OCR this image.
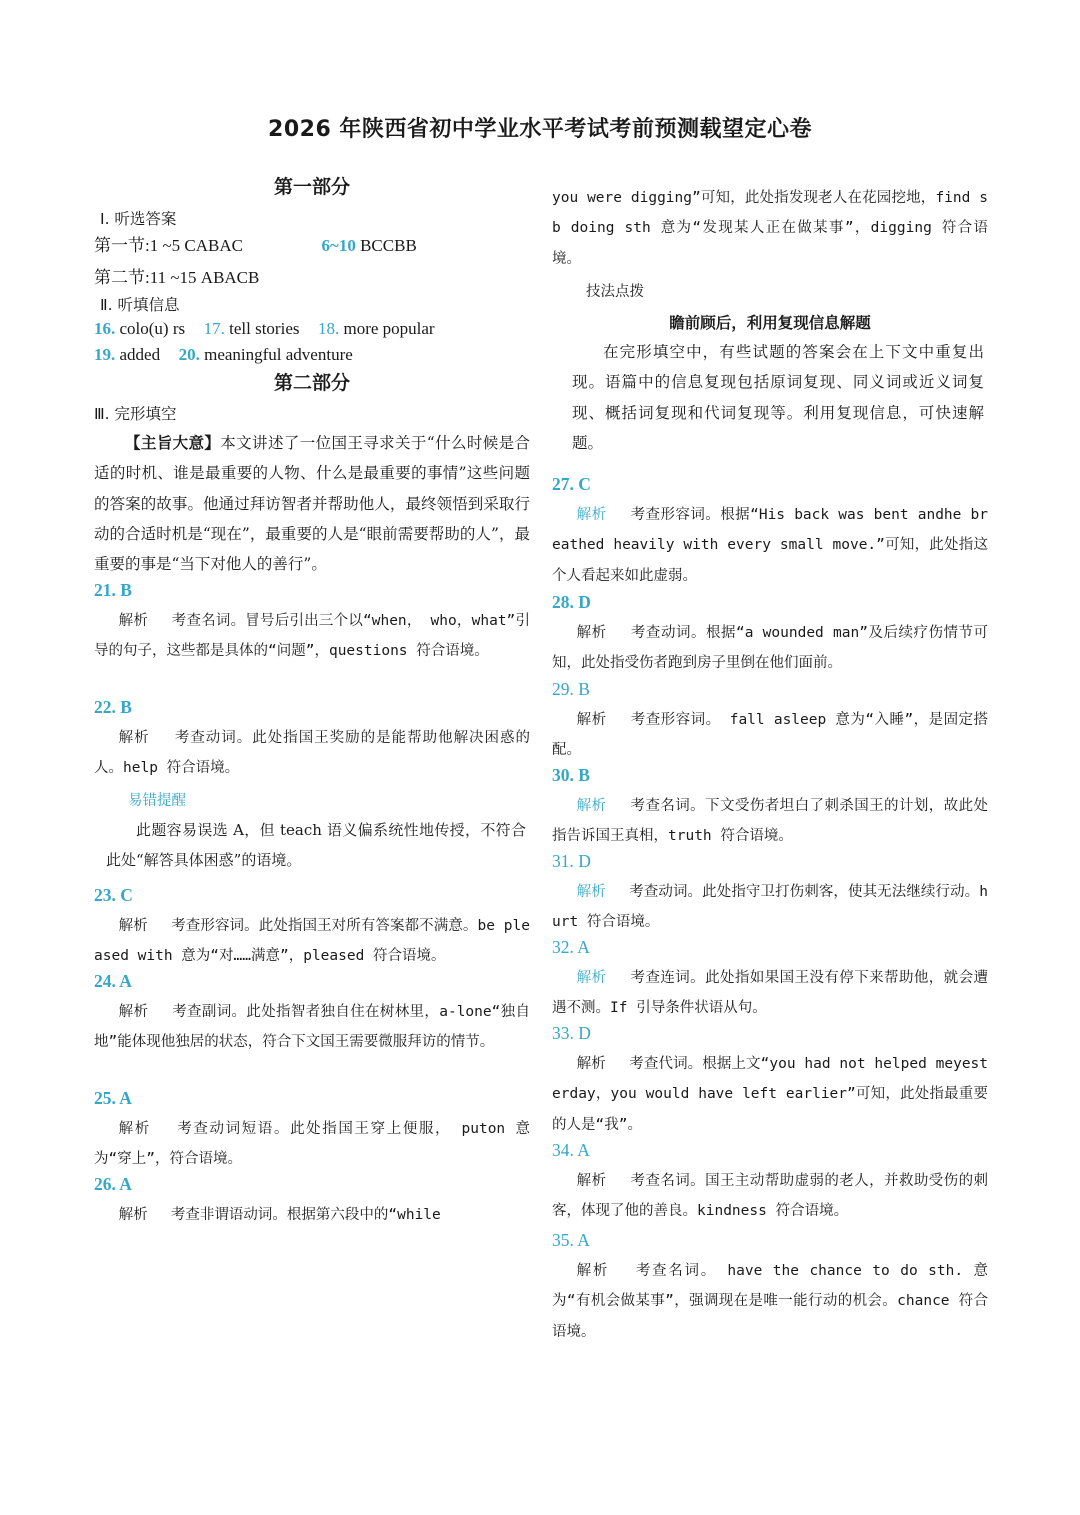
2026 年陕西省初中学业水平考试考前预测载望定心卷
第一部分
Ⅰ. 听选答案
第一节:1 ~5 CABAC	6~10 BCCBB
第二节:11 ~15 ABACB
Ⅱ. 听填信息
16. colo(u) rs 17. tell stories 18. more popular
19. added 20. meaningful adventure
第二部分
Ⅲ. 完形填空
【主旨大意】本文讲述了一位国王寻求关于“什么时候是合适的时机、谁是最重要的人物、什么是最重要的事情”这些问题的答案的故事。他通过拜访智者并帮助他人，最终领悟到采取行动的合适时机是“现在”，最重要的人是“眼前需要帮助的人”，最重要的事是“当下对他人的善行”。
21. B
解析　 考查名词。冒号后引出三个以“when， who，what”引导的句子，这些都是具体的“问题”，questions 符合语境。
22. B
解析　 考查动词。此处指国王奖励的是能帮助他解决困惑的人。help 符合语境。
易错提醒
此题容易误选 A，但 teach 语义偏系统性地传授，不符合此处“解答具体困惑”的语境。
23. C
解析　 考查形容词。此处指国王对所有答案都不满意。be pleased with 意为“对……满意”，pleased 符合语境。
24. A
解析　 考查副词。此处指智者独自住在树林里，a-lone“独自地”能体现他独居的状态，符合下文国王需要微服拜访的情节。
25. A
解析　 考查动词短语。此处指国王穿上便服， puton 意为“穿上”，符合语境。
26. A
解析　 考查非谓语动词。根据第六段中的“while
you were digging”可知，此处指发现老人在花园挖地，find sb doing sth 意为“发现某人正在做某事”，digging 符合语境。
技法点拨
瞻前顾后，利用复现信息解题
在完形填空中，有些试题的答案会在上下文中重复出现。语篇中的信息复现包括原词复现、同义词或近义词复现、概括词复现和代词复现等。利用复现信息，可快速解题。
27. C
解析　 考查形容词。根据“His back was bent andhe breathed heavily with every small move.”可知，此处指这个人看起来如此虚弱。
28. D
解析　 考查动词。根据“a wounded man”及后续疗伤情节可知，此处指受伤者跑到房子里倒在他们面前。
29. B
解析　 考查形容词。 fall asleep 意为“入睡”，是固定搭配。
30. B
解析　 考查名词。下文受伤者坦白了刺杀国王的计划，故此处指告诉国王真相，truth 符合语境。
31. D
解析　 考查动词。此处指守卫打伤刺客，使其无法继续行动。hurt 符合语境。
32. A
解析　 考查连词。此处指如果国王没有停下来帮助他，就会遭遇不测。If 引导条件状语从句。
33. D
解析　 考查代词。根据上文“you had not helped meyesterday，you would have left earlier”可知，此处指最重要的人是“我”。
34. A
解析　 考查名词。国王主动帮助虚弱的老人，并救助受伤的刺客，体现了他的善良。kindness 符合语境。
35. A
解析　 考查名词。 have the chance to do sth. 意为“有机会做某事”，强调现在是唯一能行动的机会。chance 符合语境。
